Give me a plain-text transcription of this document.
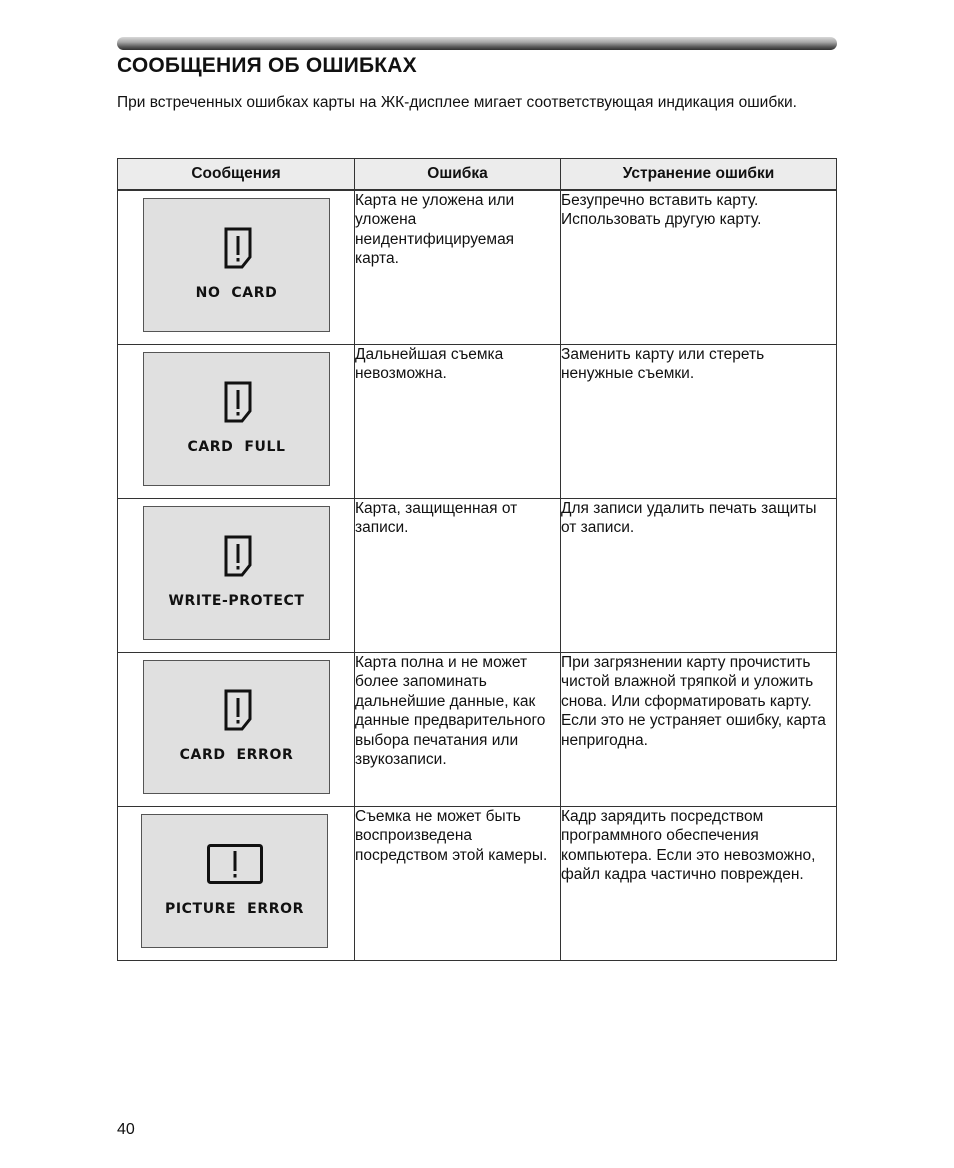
СООБЩЕНИЯ ОБ ОШИБКАХ

При встреченных ошибках карты на ЖК-дисплее мигает соответствующая индикация ошибки.

Сообщения	Ошибка	Устранение ошибки

NO  CARD	Карта не уложена или уложена неидентифицируемая карта.	Безупречно вставить карту. Использовать другую карту.

CARD  FULL	Дальнейшая съемка невозможна.	Заменить карту или стереть ненужные съемки.

WRITE-PROTECT	Карта, защищенная от записи.	Для записи удалить печать защиты от записи.

CARD  ERROR	Карта полна и не может более запоминать дальнейшие данные, как данные предварительного выбора печатания или звукозаписи.	При загрязнении карту прочистить чистой влажной тряпкой и уложить снова. Или сформатировать карту. Если это не устраняет ошибку, карта непригодна.

PICTURE  ERROR	Съемка не может быть воспроизведена посредством этой камеры.	Кадр зарядить посредством программного обеспечения компьютера. Если это невозможно, файл кадра частично поврежден.
40
